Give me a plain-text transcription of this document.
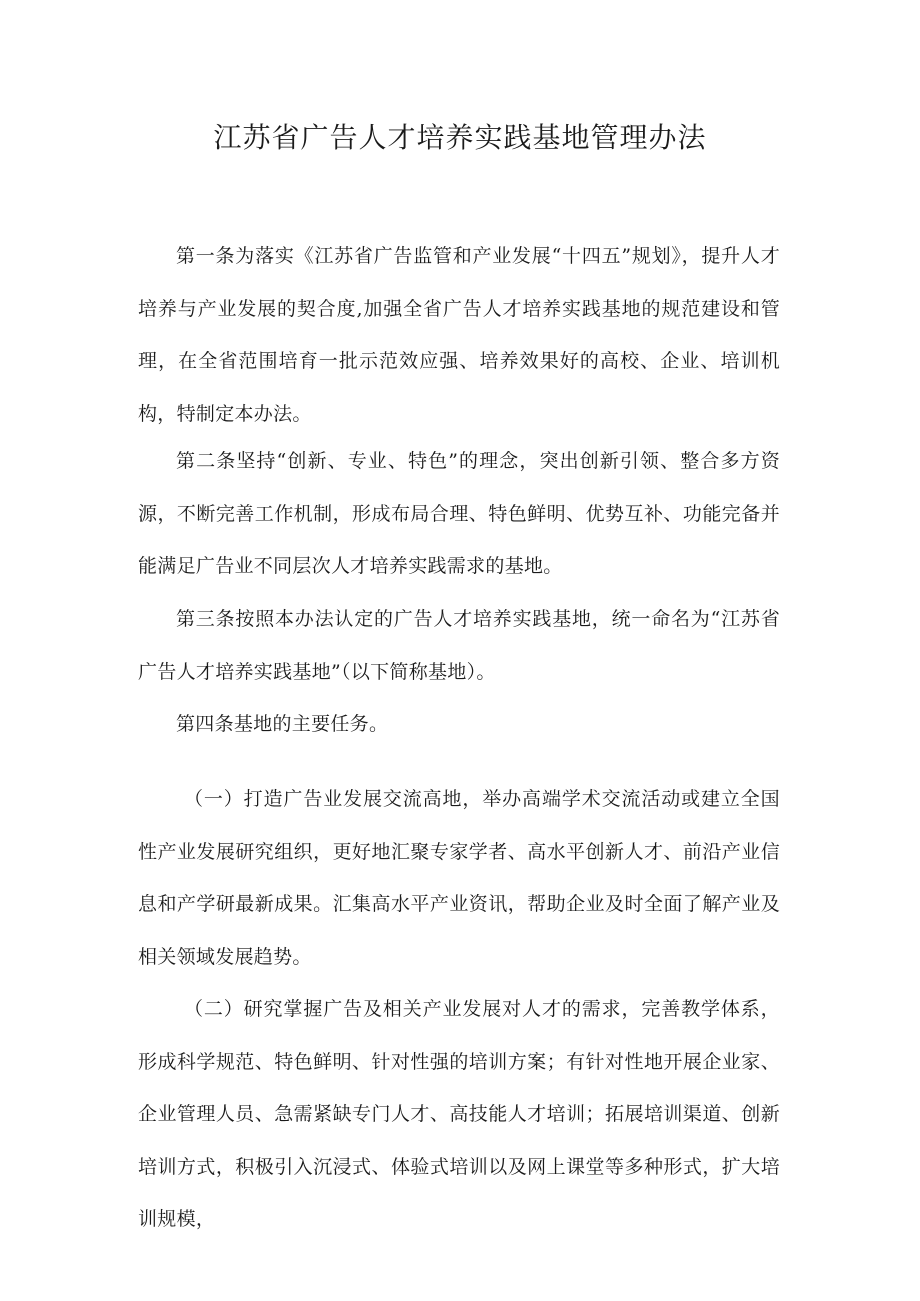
江苏省广告人才培养实践基地管理办法

第一条为落实《江苏省广告监管和产业发展“十四五”规划》，提升人才培养与产业发展的契合度,加强全省广告人才培养实践基地的规范建设和管理，在全省范围培育一批示范效应强、培养效果好的高校、企业、培训机构，特制定本办法。

第二条坚持“创新、专业、特色”的理念，突出创新引领、整合多方资源，不断完善工作机制，形成布局合理、特色鲜明、优势互补、功能完备并能满足广告业不同层次人才培养实践需求的基地。

第三条按照本办法认定的广告人才培养实践基地，统一命名为“江苏省广告人才培养实践基地”（以下简称基地）。

第四条基地的主要任务。

（一）打造广告业发展交流高地，举办高端学术交流活动或建立全国性产业发展研究组织，更好地汇聚专家学者、高水平创新人才、前沿产业信息和产学研最新成果。汇集高水平产业资讯，帮助企业及时全面了解产业及相关领域发展趋势。

（二）研究掌握广告及相关产业发展对人才的需求，完善教学体系，形成科学规范、特色鲜明、针对性强的培训方案；有针对性地开展企业家、企业管理人员、急需紧缺专门人才、高技能人才培训；拓展培训渠道、创新培训方式，积极引入沉浸式、体验式培训以及网上课堂等多种形式，扩大培训规模，
